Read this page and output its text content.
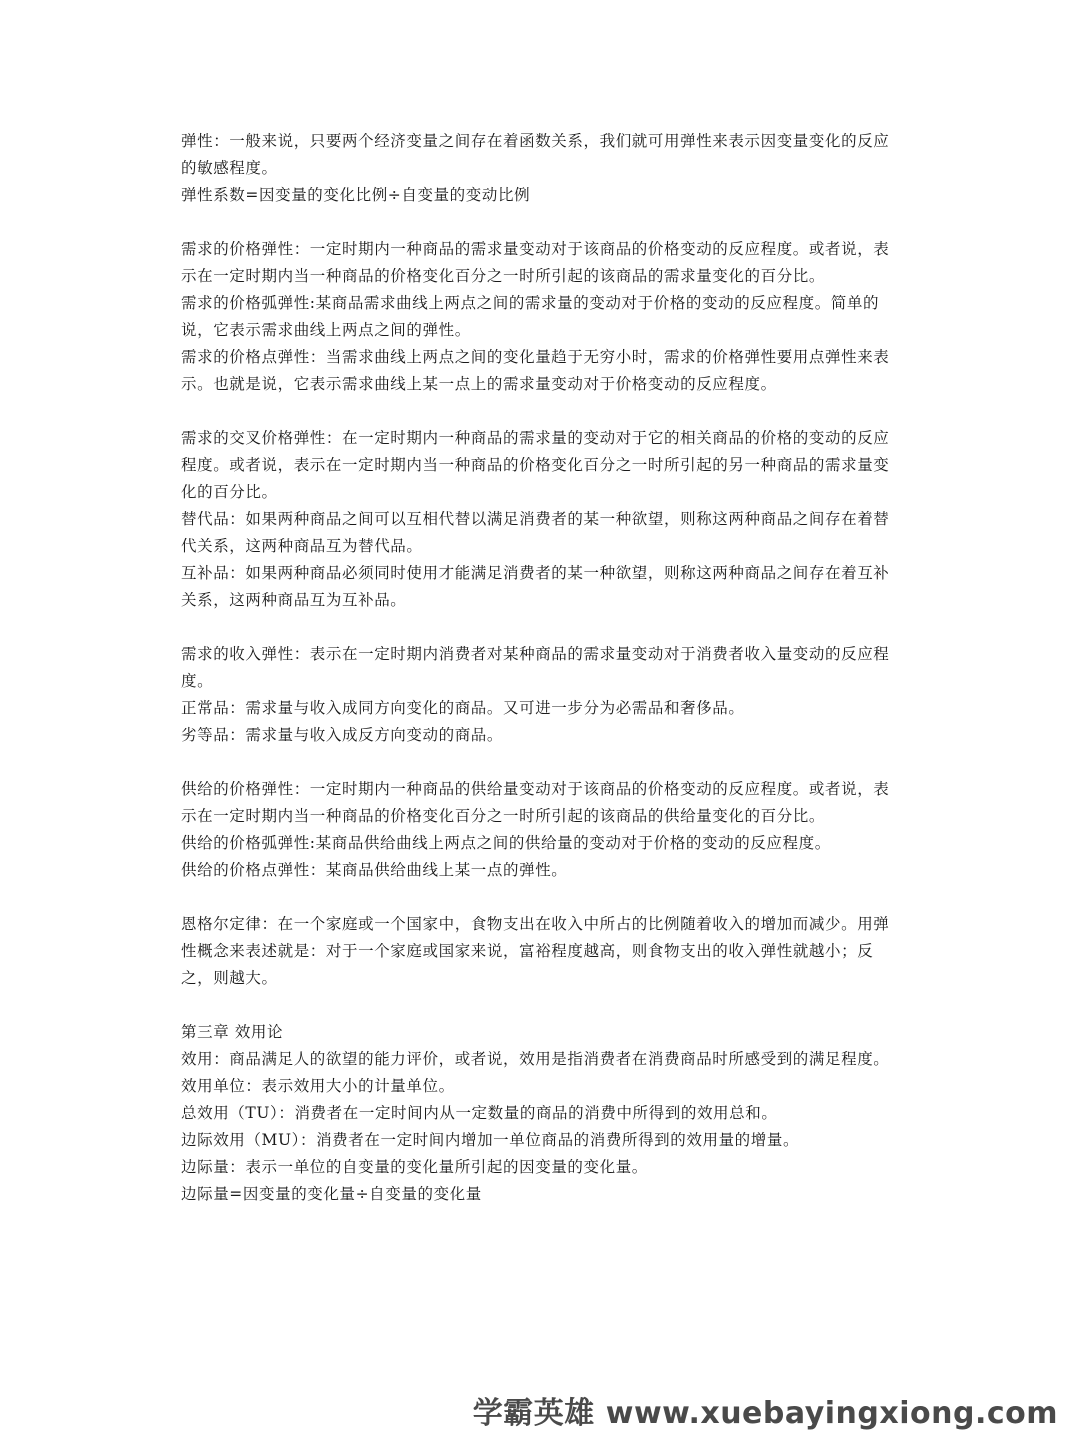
弹性：一般来说，只要两个经济变量之间存在着函数关系，我们就可用弹性来表示因变量变化的反应的敏感程度。

弹性系数=因变量的变化比例÷自变量的变动比例

需求的价格弹性：一定时期内一种商品的需求量变动对于该商品的价格变动的反应程度。或者说，表示在一定时期内当一种商品的价格变化百分之一时所引起的该商品的需求量变化的百分比。

需求的价格弧弹性:某商品需求曲线上两点之间的需求量的变动对于价格的变动的反应程度。简单的说，它表示需求曲线上两点之间的弹性。

需求的价格点弹性：当需求曲线上两点之间的变化量趋于无穷小时，需求的价格弹性要用点弹性来表示。也就是说，它表示需求曲线上某一点上的需求量变动对于价格变动的反应程度。

需求的交叉价格弹性：在一定时期内一种商品的需求量的变动对于它的相关商品的价格的变动的反应程度。或者说，表示在一定时期内当一种商品的价格变化百分之一时所引起的另一种商品的需求量变化的百分比。

替代品：如果两种商品之间可以互相代替以满足消费者的某一种欲望，则称这两种商品之间存在着替代关系，这两种商品互为替代品。

互补品：如果两种商品必须同时使用才能满足消费者的某一种欲望，则称这两种商品之间存在着互补关系，这两种商品互为互补品。

需求的收入弹性：表示在一定时期内消费者对某种商品的需求量变动对于消费者收入量变动的反应程度。

正常品：需求量与收入成同方向变化的商品。又可进一步分为必需品和奢侈品。

劣等品：需求量与收入成反方向变动的商品。

供给的价格弹性：一定时期内一种商品的供给量变动对于该商品的价格变动的反应程度。或者说，表示在一定时期内当一种商品的价格变化百分之一时所引起的该商品的供给量变化的百分比。

供给的价格弧弹性:某商品供给曲线上两点之间的供给量的变动对于价格的变动的反应程度。

供给的价格点弹性：某商品供给曲线上某一点的弹性。

恩格尔定律：在一个家庭或一个国家中，食物支出在收入中所占的比例随着收入的增加而减少。用弹性概念来表述就是：对于一个家庭或国家来说，富裕程度越高，则食物支出的收入弹性就越小；反之，则越大。

第三章 效用论

效用：商品满足人的欲望的能力评价，或者说，效用是指消费者在消费商品时所感受到的满足程度。

效用单位：表示效用大小的计量单位。

总效用（TU）：消费者在一定时间内从一定数量的商品的消费中所得到的效用总和。

边际效用（MU）：消费者在一定时间内增加一单位商品的消费所得到的效用量的增量。

边际量：表示一单位的自变量的变化量所引起的因变量的变化量。

边际量=因变量的变化量÷自变量的变化量

学霸英雄 www.xuebayingxiong.com
